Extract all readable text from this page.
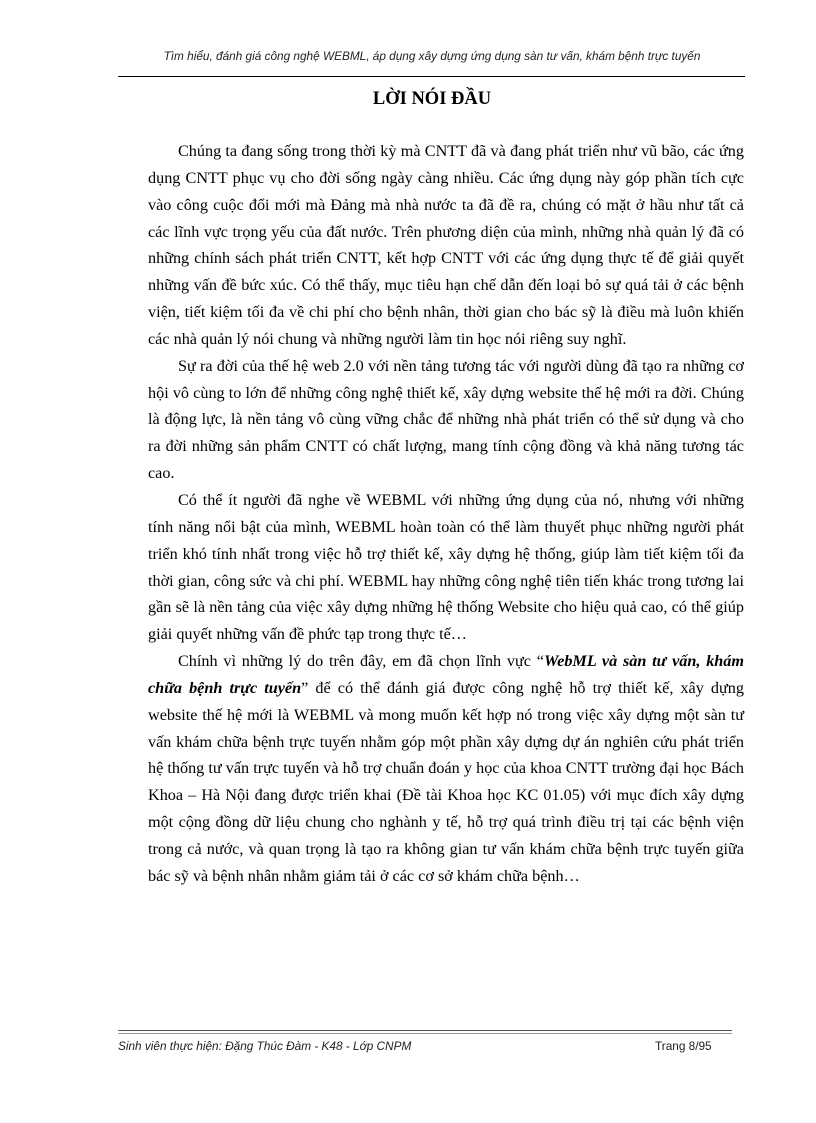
Tìm hiểu, đánh giá công nghệ WEBML, áp dụng xây dựng ứng dụng sàn tư vấn, khám bệnh trực tuyến
LỜI NÓI ĐẦU

Chúng ta đang sống trong thời kỳ mà CNTT đã và đang phát triển như vũ bão, các ứng dụng CNTT phục vụ cho đời sống ngày càng nhiều. Các ứng dụng này góp phần tích cực vào công cuộc đổi mới mà Đảng mà nhà nước ta đã đề ra, chúng có mặt ở hầu như tất cả các lĩnh vực trọng yếu của đất nước. Trên phương diện của mình, những nhà quản lý đã có những chính sách phát triển CNTT, kết hợp CNTT với các ứng dụng thực tế để giải quyết những vấn đề bức xúc. Có thể thấy, mục tiêu hạn chế dẫn đến loại bỏ sự quá tải ở các bệnh viện, tiết kiệm tối đa về chi phí cho bệnh nhân, thời gian cho bác sỹ là điều mà luôn khiến các nhà quản lý nói chung và những người làm tin học nói riêng suy nghĩ.

Sự ra đời của thế hệ web 2.0 với nền tảng tương tác với người dùng đã tạo ra những cơ hội vô cùng to lớn để những công nghệ thiết kế, xây dựng website thế hệ mới ra đời. Chúng là động lực, là nền tảng vô cùng vững chắc để những nhà phát triển có thể sử dụng và cho ra đời những sản phẩm CNTT có chất lượng, mang tính cộng đồng và khả năng tương tác cao.

Có thể ít người đã nghe về WEBML với những ứng dụng của nó, nhưng với những tính năng nổi bật của mình, WEBML hoàn toàn có thể làm thuyết phục những người phát triển khó tính nhất trong việc hỗ trợ thiết kế, xây dựng hệ thống, giúp làm tiết kiệm tối đa thời gian, công sức và chi phí. WEBML hay những công nghệ tiên tiến khác trong tương lai gần sẽ là nền tảng của việc xây dựng những hệ thống Website cho hiệu quả cao, có thể giúp giải quyết những vấn đề phức tạp trong thực tế…

Chính vì những lý do trên đây, em đã chọn lĩnh vực “WebML và sàn tư vấn, khám chữa bệnh trực tuyến” để có thể đánh giá được công nghệ hỗ trợ thiết kế, xây dựng website thế hệ mới là WEBML và mong muốn kết hợp nó trong việc xây dựng một sàn tư vấn khám chữa bệnh trực tuyến nhằm góp một phần xây dựng dự án nghiên cứu phát triển hệ thống tư vấn trực tuyến và hỗ trợ chuẩn đoán y học của khoa CNTT trường đại học Bách Khoa – Hà Nội đang được triển khai (Đề tài Khoa học KC 01.05) với mục đích xây dựng một cộng đồng dữ liệu chung cho nghành y tế, hỗ trợ quá trình điều trị tại các bệnh viện trong cả nước, và quan trọng là tạo ra không gian tư vấn khám chữa bệnh trực tuyến giữa bác sỹ và bệnh nhân nhằm giảm tải ở các cơ sở khám chữa bệnh…

Sinh viên thực hiện: Đặng Thúc Đàm - K48 - Lớp CNPM	Trang 8/95
